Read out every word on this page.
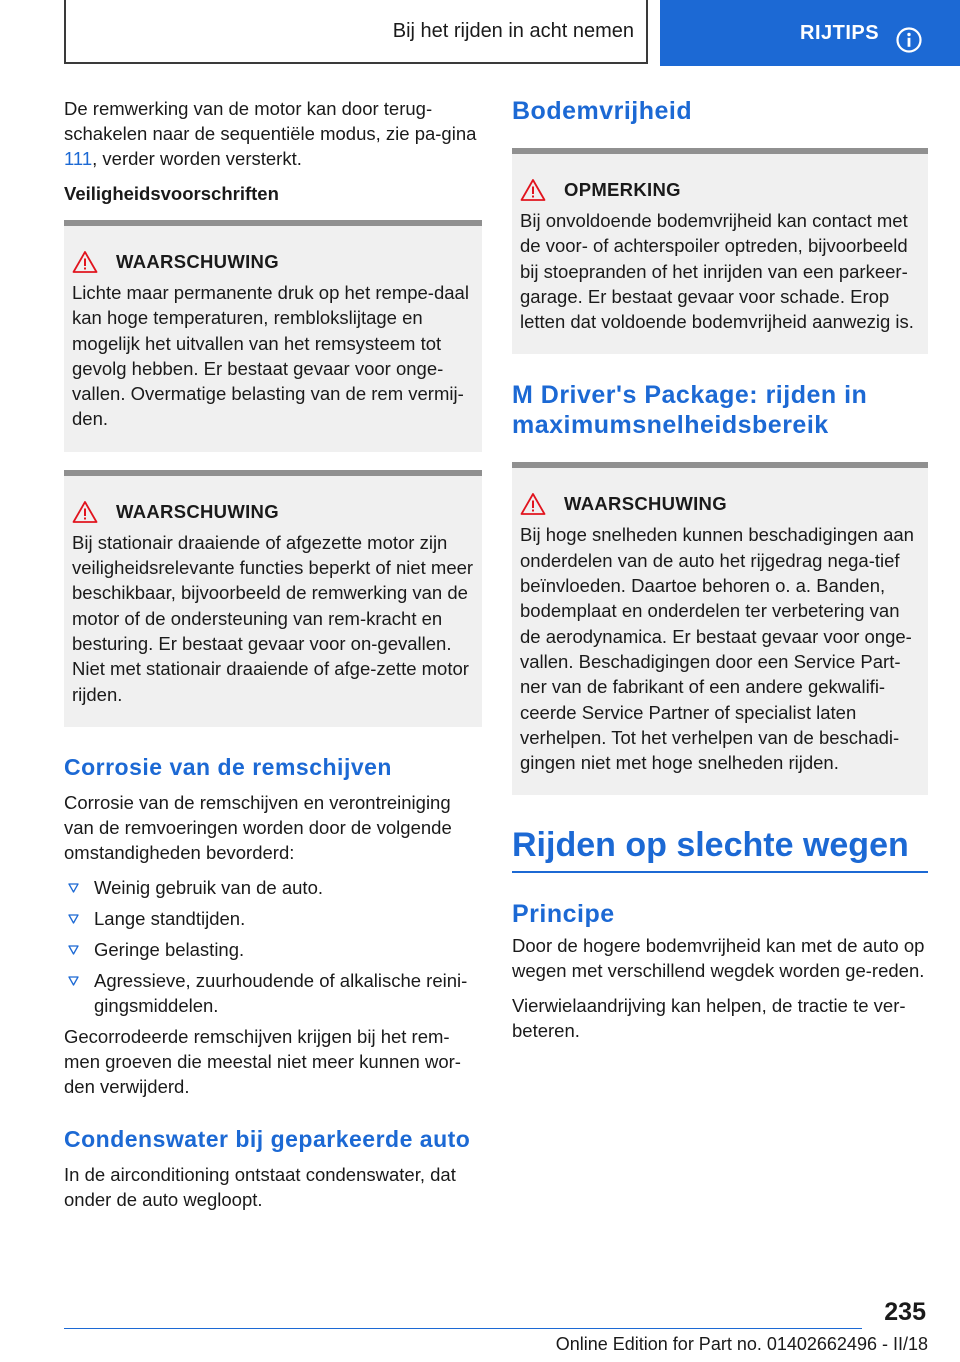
Bij het rijden in acht nemen	RIJTIPS

De remwerking van de motor kan door terug-schakelen naar de sequentiële modus, zie pa-gina 111, verder worden versterkt.

Veiligheidsvoorschriften
WAARSCHUWING
Lichte maar permanente druk op het rempe-daal kan hoge temperaturen, remblokslijtage en mogelijk het uitvallen van het remsysteem tot gevolg hebben. Er bestaat gevaar voor onge-vallen. Overmatige belasting van de rem vermij-den.
WAARSCHUWING
Bij stationair draaiende of afgezette motor zijn veiligheidsrelevante functies beperkt of niet meer beschikbaar, bijvoorbeeld de remwerking van de motor of de ondersteuning van rem-kracht en besturing. Er bestaat gevaar voor on-gevallen. Niet met stationair draaiende of afge-zette motor rijden.
Corrosie van de remschijven

Corrosie van de remschijven en verontreiniging van de remvoeringen worden door de volgende omstandigheden bevorderd:

Weinig gebruik van de auto.
Lange standtijden.
Geringe belasting.
Agressieve, zuurhoudende of alkalische reini-gingsmiddelen.

Gecorrodeerde remschijven krijgen bij het rem-men groeven die meestal niet meer kunnen wor-den verwijderd.

Condenswater bij geparkeerde auto

In de airconditioning ontstaat condenswater, dat onder de auto wegloopt.

Bodemvrijheid
OPMERKING
Bij onvoldoende bodemvrijheid kan contact met de voor- of achterspoiler optreden, bijvoorbeeld bij stoepranden of het inrijden van een parkeer-garage. Er bestaat gevaar voor schade. Erop letten dat voldoende bodemvrijheid aanwezig is.
M Driver's Package: rijden in maximumsnelheidsbereik
WAARSCHUWING
Bij hoge snelheden kunnen beschadigingen aan onderdelen van de auto het rijgedrag nega-tief beïnvloeden. Daartoe behoren o. a. Banden, bodemplaat en onderdelen ter verbetering van de aerodynamica. Er bestaat gevaar voor onge-vallen. Beschadigingen door een Service Part-ner van de fabrikant of een andere gekwalifi-ceerde Service Partner of specialist laten verhelpen. Tot het verhelpen van de beschadi-gingen niet met hoge snelheden rijden.
Rijden op slechte wegen
Principe

Door de hogere bodemvrijheid kan met de auto op wegen met verschillend wegdek worden ge-reden.

Vierwielaandrijving kan helpen, de tractie te ver-beteren.

235
Online Edition for Part no. 01402662496 - II/18
